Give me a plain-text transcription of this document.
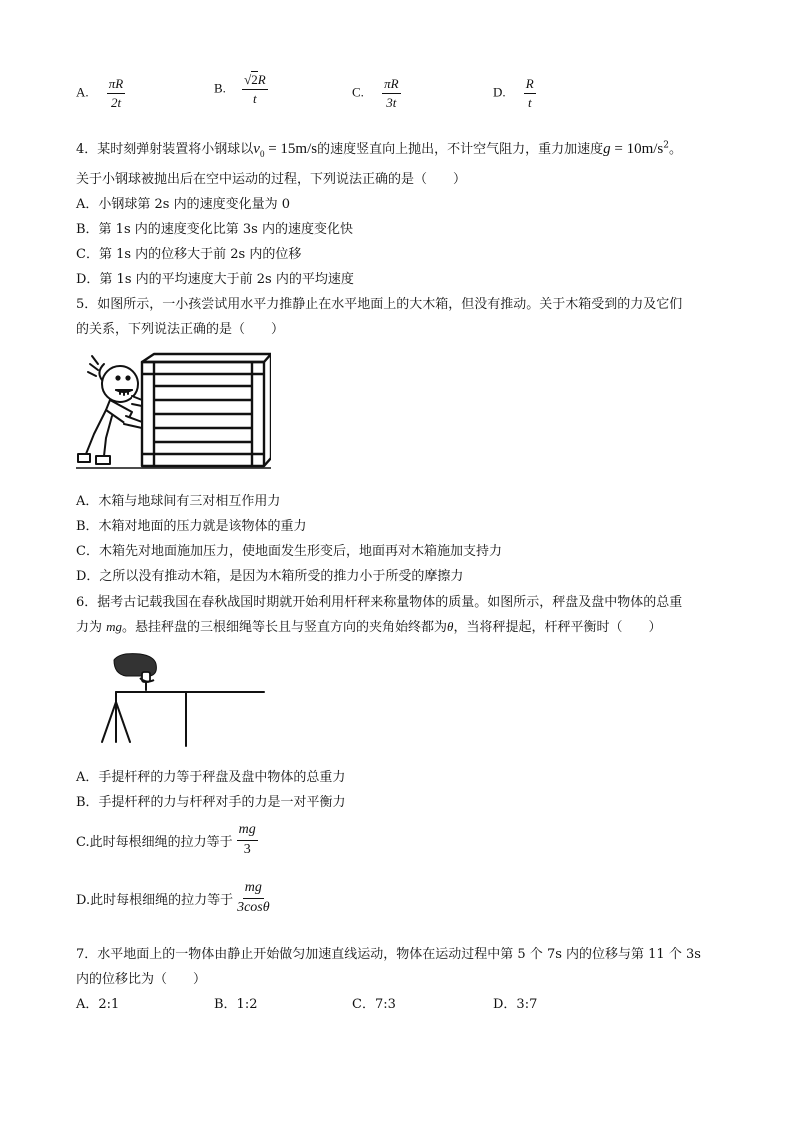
A. $\frac{\pi R}{2t}$	B. $\frac{√2R}{t}$	C. $\frac{\pi R}{3t}$	D. $\frac{R}{t}$
4．某时刻弹射装置将小钢球以$v_0 = 15m/s$的速度竖直向上抛出，不计空气阻力，重力加速度$g = 10m/s^2$。
关于小钢球被抛出后在空中运动的过程，下列说法正确的是（　　）
A．小钢球第 2s 内的速度变化量为 0
B．第 1s 内的速度变化比第 3s 内的速度变化快
C．第 1s 内的位移大于前 2s 内的位移
D．第 1s 内的平均速度大于前 2s 内的平均速度
5．如图所示，一小孩尝试用水平力推静止在水平地面上的大木箱，但没有推动。关于木箱受到的力及它们
的关系，下列说法正确的是（　　）
A．木箱与地球间有三对相互作用力
B．木箱对地面的压力就是该物体的重力
C．木箱先对地面施加压力，使地面发生形变后，地面再对木箱施加支持力
D．之所以没有推动木箱，是因为木箱所受的推力小于所受的摩擦力
6．据考古记载我国在春秋战国时期就开始利用杆秤来称量物体的质量。如图所示，秤盘及盘中物体的总重
力为 mg。悬挂秤盘的三根细绳等长且与竖直方向的夹角始终都为θ，当将秤提起，杆秤平衡时（　　）
A．手提杆秤的力等于秤盘及盘中物体的总重力
B．手提杆秤的力与杆秤对手的力是一对平衡力
C.此时每根细绳的拉力等于 $\frac{mg}{3}$
D.此时每根细绳的拉力等于 $\frac{mg}{3\cos\theta}$
7．水平地面上的一物体由静止开始做匀加速直线运动，物体在运动过程中第 5 个 7s 内的位移与第 11 个 3s
内的位移比为（　　）
A．2:1	B．1:2	C．7:3	D．3:7
